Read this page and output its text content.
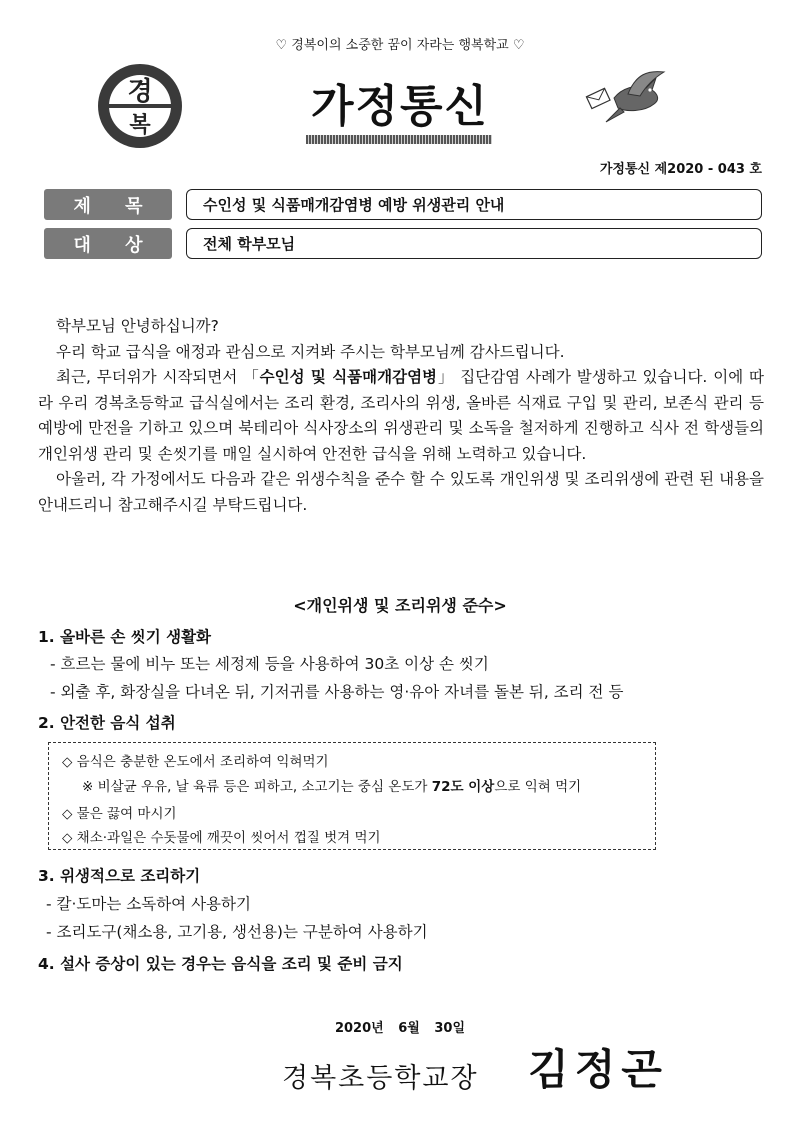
♡ 경복이의 소중한 꿈이 자라는 행복학교 ♡
경
복	가정통신
가정통신 제2020 - 043 호
제 목	수인성 및 식품매개감염병 예방 위생관리 안내
대 상	전체 학부모님

학부모님 안녕하십니까?

우리 학교 급식을 애정과 관심으로 지켜봐 주시는 학부모님께 감사드립니다.

최근, 무더위가 시작되면서 「수인성 및 식품매개감염병」 집단감염 사례가 발생하고 있습니다. 이에 따라 우리 경복초등학교 급식실에서는 조리 환경, 조리사의 위생, 올바른 식재료 구입 및 관리, 보존식 관리 등 예방에 만전을 기하고 있으며 북테리아 식사장소의 위생관리 및 소독을 철저하게 진행하고 식사 전 학생들의 개인위생 관리 및 손씻기를 매일 실시하여 안전한 급식을 위해 노력하고 있습니다.

아울러, 각 가정에서도 다음과 같은 위생수칙을 준수 할 수 있도록 개인위생 및 조리위생에 관련 된 내용을 안내드리니 참고해주시길 부탁드립니다.

<개인위생 및 조리위생 준수>
1. 올바른 손 씻기 생활화
- 흐르는 물에 비누 또는 세정제 등을 사용하여 30초 이상 손 씻기
- 외출 후, 화장실을 다녀온 뒤, 기저귀를 사용하는 영·유아 자녀를 돌본 뒤, 조리 전 등
2. 안전한 음식 섭취
◇ 음식은 충분한 온도에서 조리하여 익혀먹기
※ 비살균 우유, 날 육류 등은 피하고, 소고기는 중심 온도가 72도 이상으로 익혀 먹기
◇ 물은 끓여 마시기
◇ 채소·과일은 수돗물에 깨끗이 씻어서 껍질 벗겨 먹기
3. 위생적으로 조리하기
- 칼·도마는 소독하여 사용하기
- 조리도구(채소용, 고기용, 생선용)는 구분하여 사용하기
4. 설사 증상이 있는 경우는 음식을 조리 및 준비 금지
2020년 6월 30일
경복초등학교장 김정곤
